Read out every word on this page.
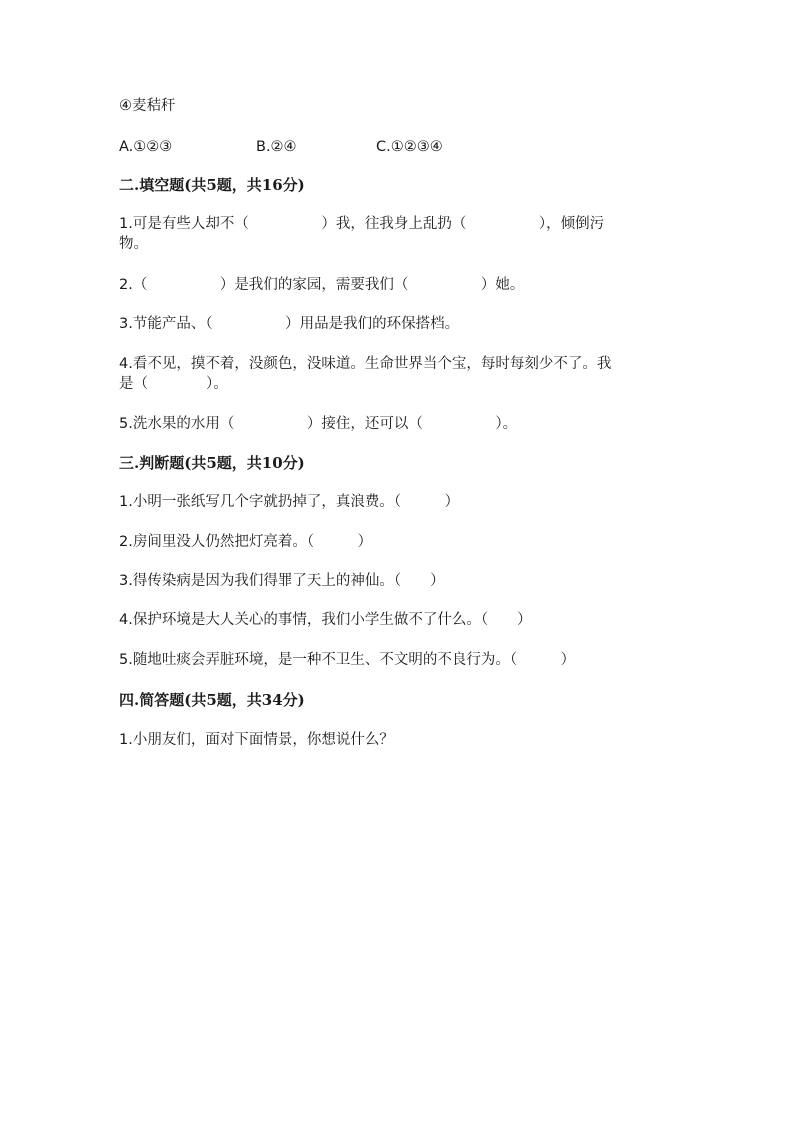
④麦秸秆
A.①②③	B.②④	C.①②③④
二.填空题(共5题，共16分)
1.可是有些人却不（　　　　　）我，往我身上乱扔（　　　　　），倾倒污
物。
2.（　　　　　）是我们的家园，需要我们（　　　　　）她。
3.节能产品、（　　　　　）用品是我们的环保搭档。
4.看不见，摸不着，没颜色，没味道。生命世界当个宝，每时每刻少不了。我
是（　　　　）。
5.洗水果的水用（　　　　　）接住，还可以（　　　　　）。
三.判断题(共5题，共10分)
1.小明一张纸写几个字就扔掉了，真浪费。（　　　）
2.房间里没人仍然把灯亮着。（　　　）
3.得传染病是因为我们得罪了天上的神仙。（　　）
4.保护环境是大人关心的事情，我们小学生做不了什么。（　　）
5.随地吐痰会弄脏环境，是一种不卫生、不文明的不良行为。（　　　）
四.简答题(共5题，共34分)
1.小朋友们，面对下面情景，你想说什么？
